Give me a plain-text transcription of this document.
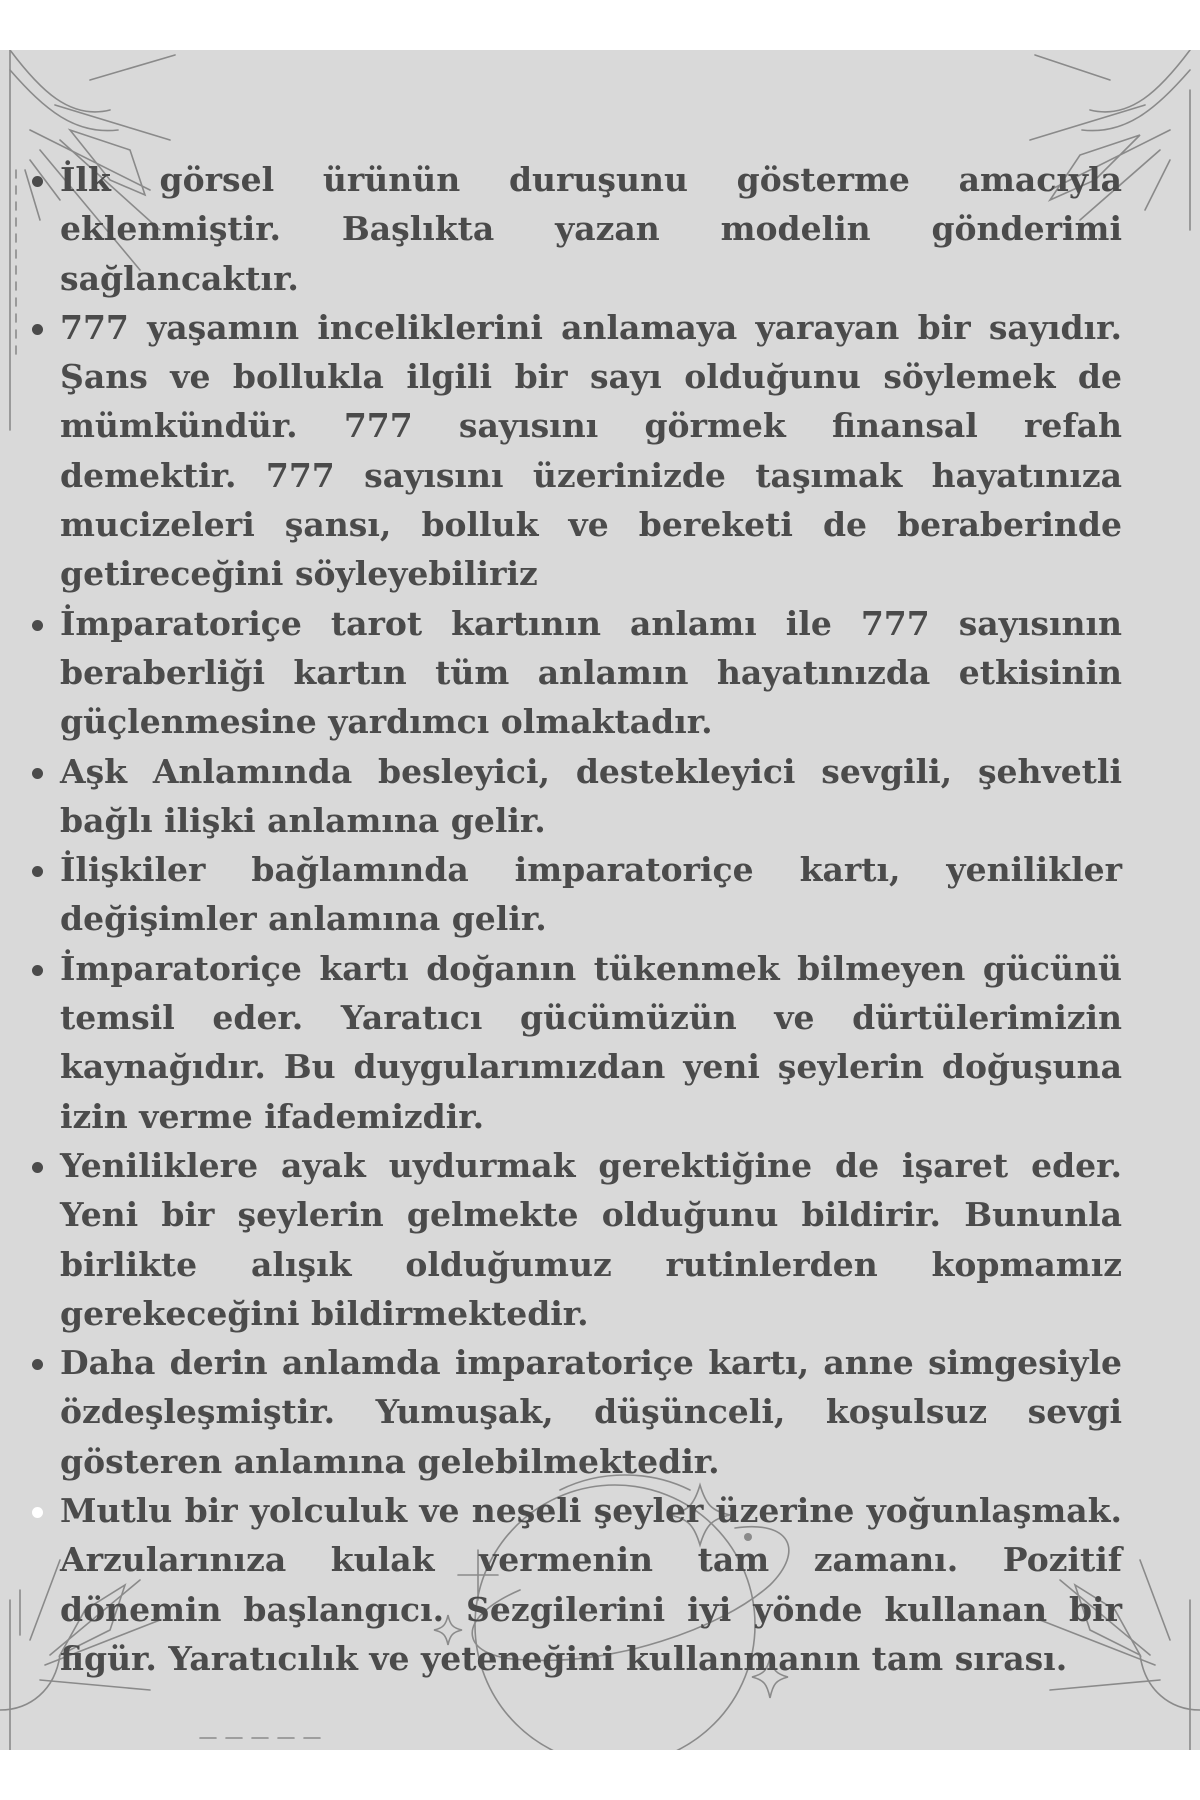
İlk görsel ürünün duruşunu gösterme amacıyla eklenmiştir. Başlıkta yazan modelin gönderimi sağlancaktır.
777 yaşamın inceliklerini anlamaya yarayan bir sayıdır. Şans ve bollukla ilgili bir sayı olduğunu söylemek de mümkündür. 777 sayısını görmek finansal refah demektir. 777 sayısını üzerinizde taşımak hayatınıza mucizeleri şansı, bolluk ve bereketi de beraberinde getireceğini söyleyebiliriz
İmparatoriçe tarot kartının anlamı ile 777 sayısının beraberliği kartın tüm anlamın hayatınızda etkisinin güçlenmesine yardımcı olmaktadır.
Aşk Anlamında besleyici, destekleyici sevgili, şehvetli bağlı ilişki anlamına gelir.
İlişkiler bağlamında imparatoriçe kartı, yenilikler değişimler anlamına gelir.
İmparatoriçe kartı doğanın tükenmek bilmeyen gücünü temsil eder. Yaratıcı gücümüzün ve dürtülerimizin kaynağıdır. Bu duygularımızdan yeni şeylerin doğuşuna izin verme ifademizdir.
Yeniliklere ayak uydurmak gerektiğine de işaret eder. Yeni bir şeylerin gelmekte olduğunu bildirir. Bununla birlikte alışık olduğumuz rutinlerden kopmamız gerekeceğini bildirmektedir.
Daha derin anlamda imparatoriçe kartı, anne simgesiyle özdeşleşmiştir. Yumuşak, düşünceli, koşulsuz sevgi gösteren anlamına gelebilmektedir.
Mutlu bir yolculuk ve neşeli şeyler üzerine yoğunlaşmak. Arzularınıza kulak vermenin tam zamanı. Pozitif dönemin başlangıcı. Sezgilerini iyi yönde kullanan bir figür. Yaratıcılık ve yeteneğini kullanmanın tam sırası.
